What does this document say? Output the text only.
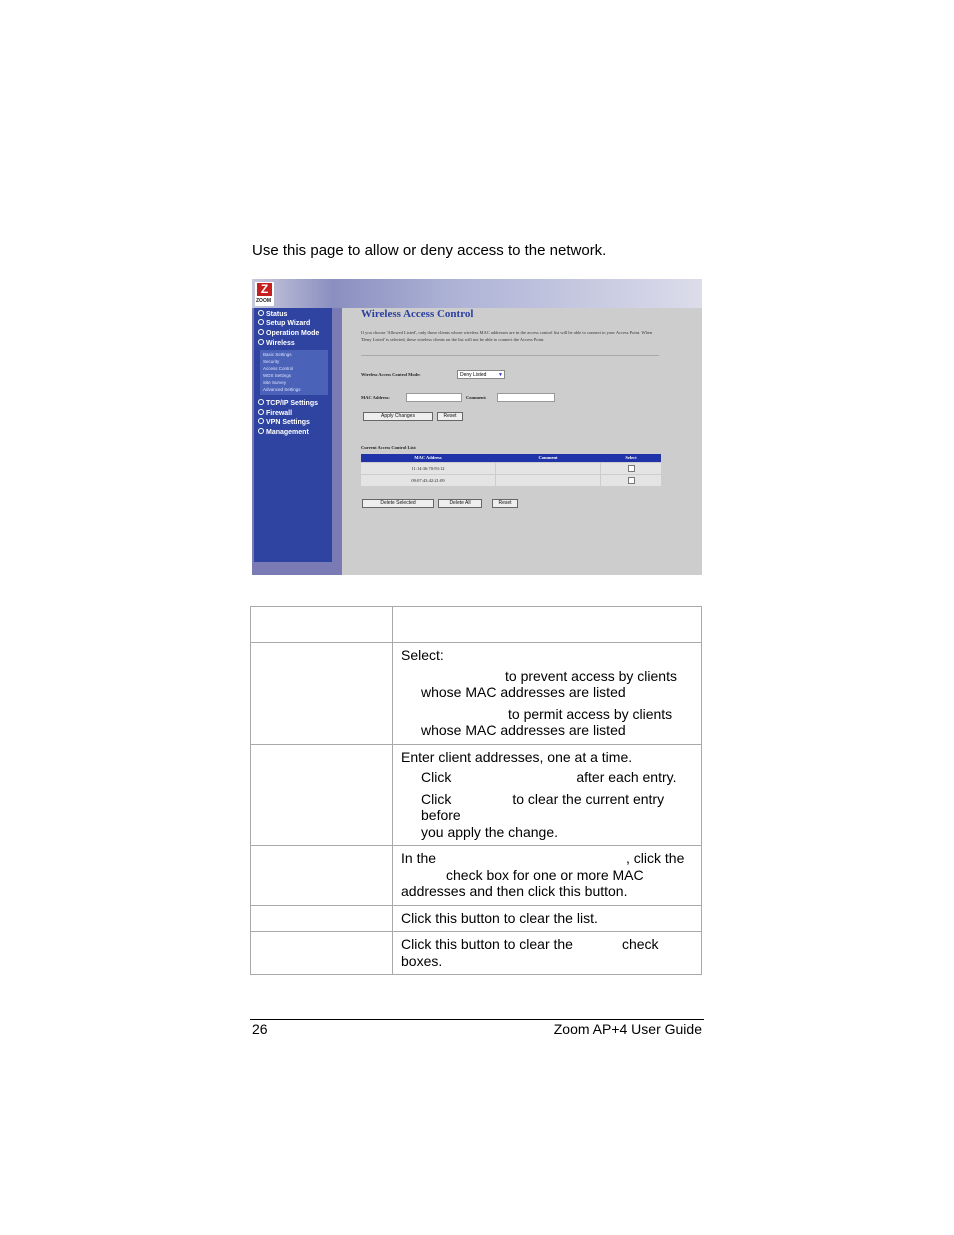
Use this page to allow or deny access to the network.
Z
ZOOM
Status
Setup Wizard
Operation Mode
Wireless
Basic Settings
Security
Access Control
WDS Settings
Site Survey
Advanced Settings
TCP/IP Settings
Firewall
VPN Settings
Management
Wireless Access Control
If you choose 'Allowed Listed', only those clients whose wireless MAC addresses are in the access control list will be able to connect to your Access Point. When 'Deny Listed' is selected, these wireless clients on the list will not be able to connect the Access Point.
Wireless Access Control Mode:	Deny Listed ▼
MAC Address:	Comment:
Apply Changes	Reset
Current Access Control List:
MAC Address	Comment	Select
11:14:36:70:93:12
09:07:43:42:21:09
Delete Selected	Delete All	Reset

	Select:
to prevent access by clients
whose MAC addresses are listed
to permit access by clients
whose MAC addresses are listed

	Enter client addresses, one at a time.
Click after each entry.
Click to clear the current entry before
you apply the change.

	In the , click the
check box for one or more MAC
addresses and then click this button.

	Click this button to clear the list.

	Click this button to clear the check
boxes.
26	Zoom AP+4 User Guide
